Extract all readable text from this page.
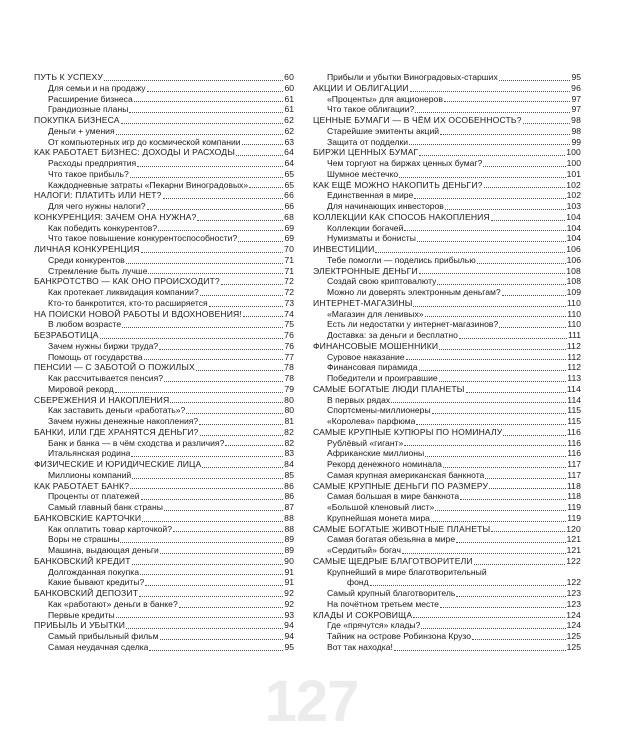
ПУТЬ К УСПЕХУ	60
Для семьи и на продажу	60
Расширение бизнеса	61
Грандиозные планы	61
ПОКУПКА БИЗНЕСА	62
Деньги + умения	62
От компьютерных игр до космической компании	63
КАК РАБОТАЕТ БИЗНЕС: ДОХОДЫ И РАСХОДЫ	64
Расходы предприятия	64
Что такое прибыль?	65
Каждодневные затраты «Пекарни Виноградовых»	65
НАЛОГИ: ПЛАТИТЬ ИЛИ НЕТ?	66
Для чего нужны налоги?	66
КОНКУРЕНЦИЯ: ЗАЧЕМ ОНА НУЖНА?	68
Как победить конкурентов?	69
Что такое повышение конкурентоспособности?	69
ЛИЧНАЯ КОНКУРЕНЦИЯ	70
Среди конкурентов	71
Стремление быть лучше	71
БАНКРОТСТВО — КАК ОНО ПРОИСХОДИТ?	72
Как протекает ликвидация компании?	72
Кто-то банкротится, кто-то расширяется	73
НА ПОИСКИ НОВОЙ РАБОТЫ И ВДОХНОВЕНИЯ!	74
В любом возрасте	75
БЕЗРАБОТИЦА	76
Зачем нужны биржи труда?	76
Помощь от государства	77
ПЕНСИИ — С ЗАБОТОЙ О ПОЖИЛЫХ	78
Как рассчитывается пенсия?	78
Мировой рекорд	79
СБЕРЕЖЕНИЯ И НАКОПЛЕНИЯ	80
Как заставить деньги «работать»?	80
Зачем нужны денежные накопления?	81
БАНКИ, ИЛИ ГДЕ ХРАНЯТСЯ ДЕНЬГИ?	82
Банк и банка — в чём сходства и различия?	82
Итальянская родина	83
ФИЗИЧЕСКИЕ И ЮРИДИЧЕСКИЕ ЛИЦА	84
Миллионы компаний	85
КАК РАБОТАЕТ БАНК?	86
Проценты от платежей	86
Самый главный банк страны	87
БАНКОВСКИЕ КАРТОЧКИ	88
Как оплатить товар карточкой?	88
Воры не страшны	89
Машина, выдающая деньги	89
БАНКОВСКИЙ КРЕДИТ	90
Долгожданная покупка	91
Какие бывают кредиты?	91
БАНКОВСКИЙ ДЕПОЗИТ	92
Как «работают» деньги в банке?	92
Первые кредиты	93
ПРИБЫЛЬ И УБЫТКИ	94
Самый прибыльный фильм	94
Самая неудачная сделка	95
Прибыли и убытки Виноградовых-старших	95
АКЦИИ И ОБЛИГАЦИИ	96
«Проценты» для акционеров	97
Что такое облигации?	97
ЦЕННЫЕ БУМАГИ — В ЧЁМ ИХ ОСОБЕННОСТЬ?	98
Старейшие эмитенты акций	98
Защита от подделки	99
БИРЖИ ЦЕННЫХ БУМАГ	100
Чем торгуют на биржах ценных бумаг?	100
Шумное местечко	101
КАК ЕЩЁ МОЖНО НАКОПИТЬ ДЕНЬГИ?	102
Единственная в мире	102
Для начинающих инвесторов	103
КОЛЛЕКЦИИ КАК СПОСОБ НАКОПЛЕНИЯ	104
Коллекции богачей	104
Нумизматы и бонисты	104
ИНВЕСТИЦИИ	106
Тебе помогли — поделись прибылью	106
ЭЛЕКТРОННЫЕ ДЕНЬГИ	108
Создай свою криптовалюту	108
Можно ли доверять электронным деньгам?	109
ИНТЕРНЕТ-МАГАЗИНЫ	110
«Магазин для ленивых»	110
Есть ли недостатки у интернет-магазинов?	110
Доставка: за деньги и бесплатно	111
ФИНАНСОВЫЕ МОШЕННИКИ	112
Суровое наказание	112
Финансовая пирамида	112
Победители и проигравшие	113
САМЫЕ БОГАТЫЕ ЛЮДИ ПЛАНЕТЫ	114
В первых рядах	114
Спортсмены-миллионеры	115
«Королева» парфюма	115
САМЫЕ КРУПНЫЕ КУПЮРЫ ПО НОМИНАЛУ	116
Рублёвый «гигант»	116
Африканские миллионы	116
Рекорд денежного номинала	117
Самая крупная американская банкнота	117
САМЫЕ КРУПНЫЕ ДЕНЬГИ ПО РАЗМЕРУ	118
Самая большая в мире банкнота	118
«Большой кленовый лист»	119
Крупнейшая монета мира	119
САМЫЕ БОГАТЫЕ ЖИВОТНЫЕ ПЛАНЕТЫ	120
Самая богатая обезьяна в мире	121
«Сердитый» богач	121
САМЫЕ ЩЕДРЫЕ БЛАГОТВОРИТЕЛИ	122
Крупнейший в мире благотворительный
фонд	122
Самый крупный благотворитель	123
На почётном третьем месте	123
КЛАДЫ И СОКРОВИЩА	124
Где «прячутся» клады?	124
Тайник на острове Робинзона Крузо	125
Вот так находка!	125
127
